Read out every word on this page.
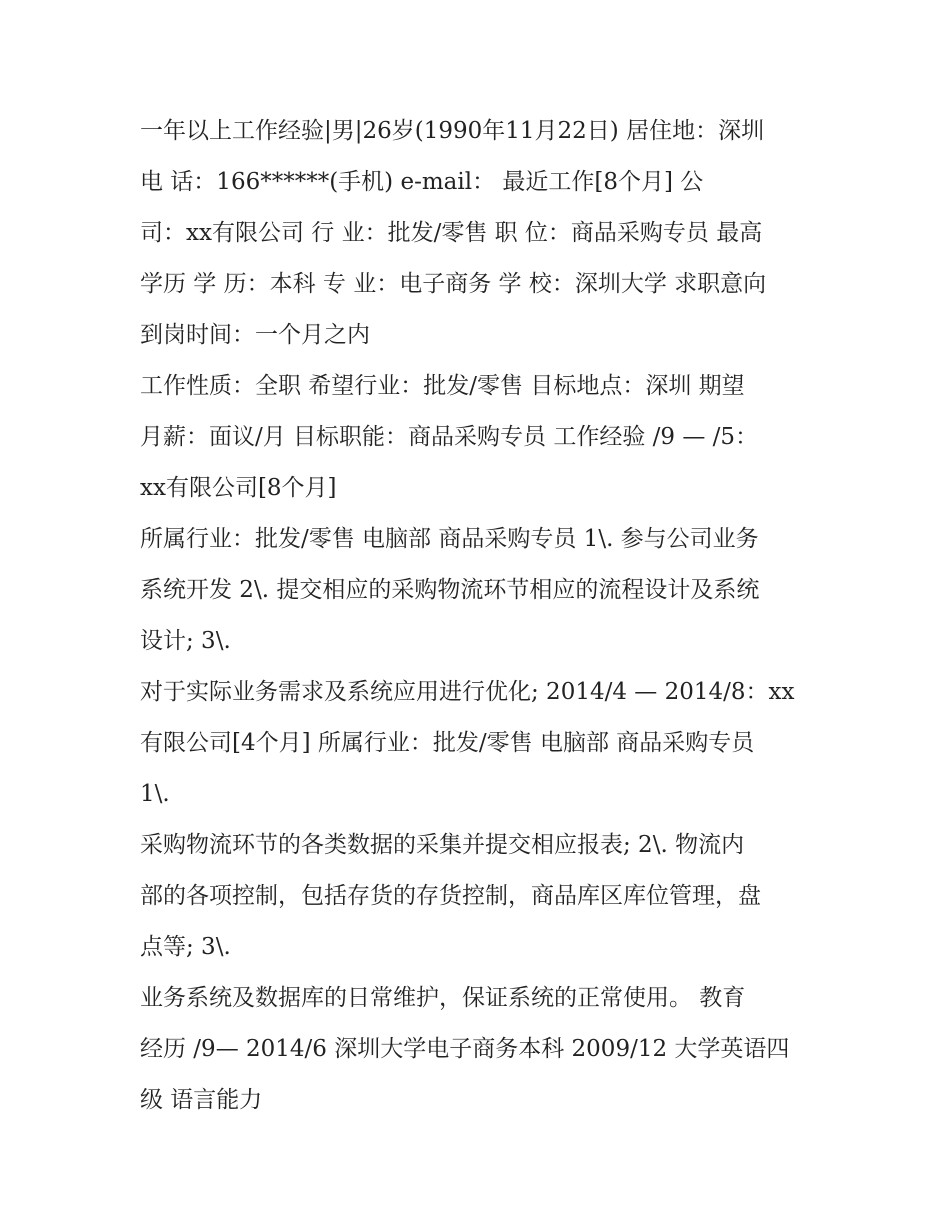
一年以上工作经验|男|26岁(1990年11月22日) 居住地：深圳

电 话：166******(手机) e-mail： 最近工作[8个月] 公

司：xx有限公司 行 业：批发/零售 职 位：商品采购专员 最高

学历 学 历：本科 专 业：电子商务 学 校：深圳大学 求职意向

到岗时间：一个月之内

工作性质：全职 希望行业：批发/零售 目标地点：深圳 期望

月薪：面议/月 目标职能：商品采购专员 工作经验 /9 — /5：

xx有限公司[8个月]

所属行业：批发/零售 电脑部 商品采购专员 1\. 参与公司业务

系统开发 2\. 提交相应的采购物流环节相应的流程设计及系统

设计; 3\.

对于实际业务需求及系统应用进行优化; 2014/4 — 2014/8：xx

有限公司[4个月] 所属行业：批发/零售 电脑部 商品采购专员

1\.

采购物流环节的各类数据的采集并提交相应报表; 2\. 物流内

部的各项控制，包括存货的存货控制，商品库区库位管理，盘

点等; 3\.

业务系统及数据库的日常维护，保证系统的正常使用。 教育

经历 /9— 2014/6 深圳大学电子商务本科 2009/12 大学英语四

级 语言能力
